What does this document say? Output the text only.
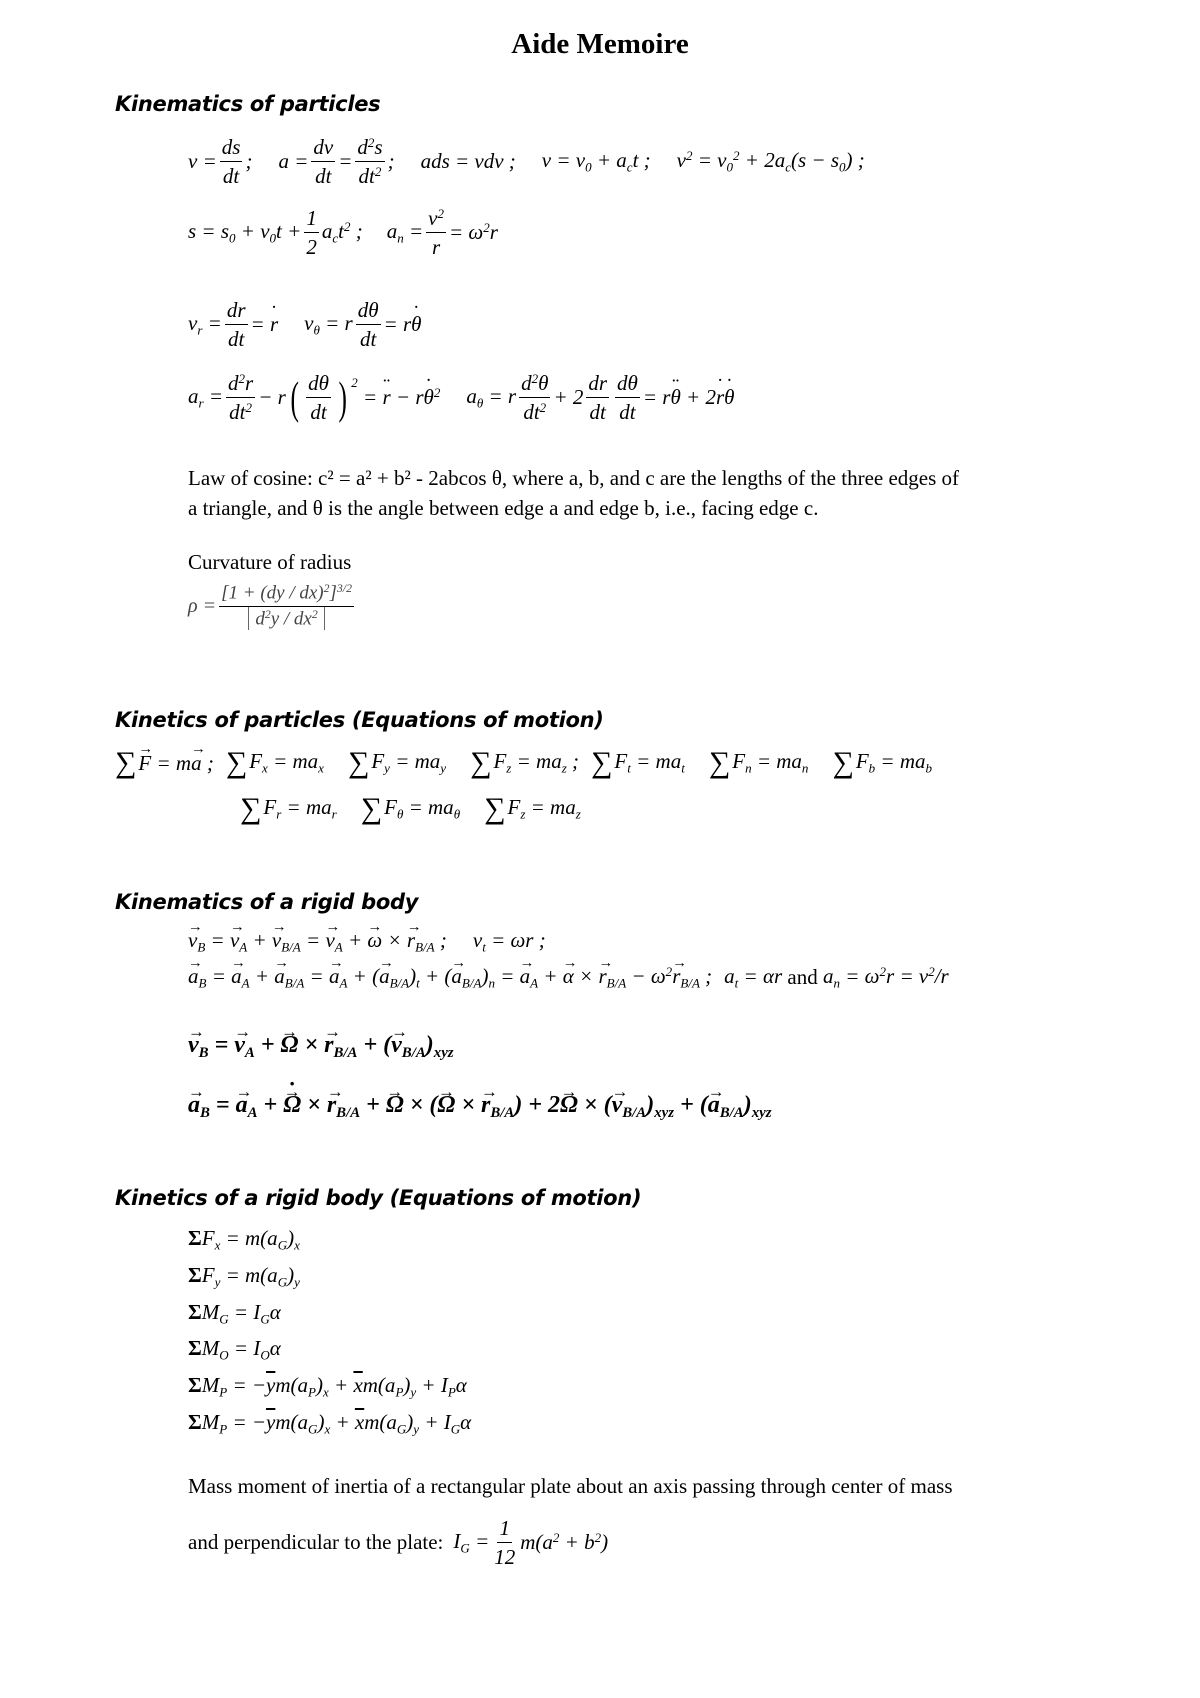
Aide Memoire
Kinematics of particles
$v = \frac{ds}{dt}$ ; $a = \frac{dv}{dt} = \frac{d^2s}{dt^2}$ ; ads = vdv ; $v = v_0 + a_ct$ ; $v^2 = v_0^2 + 2a_c(s - s_0)$ ;
$s = s_0 + v_0t + \frac{1}{2} a_ct^2$ ; $a_n = \frac{v^2}{r} = \omega^2r$
$v_r = \frac{dr}{dt}$ = ˙ r $v_\theta = r \frac{d\theta}{dt}$ = r˙ θ
$a_r = \frac{d^2r}{dt^2} - r$ ( $\frac{d\theta}{dt}$ ) 2
= ¨ r − r˙ $\theta^2$ $a_\theta = r \frac{d^2\theta}{dt^2} + 2 \frac{dr}{dt} \frac{d\theta}{dt}$ = r¨ θ + 2˙ r˙ θ
Law of cosine: c² = a² + b² - 2abcos θ, where a, b, and c are the lengths of the three edges of
a triangle, and θ is the angle between edge a and edge b, i.e., facing edge c.
Curvature of radius
$\rho = \frac{[1 + (dy / dx)^2]^{3/2}}{d^2y / dx^2}$
Kinetics of particles (Equations of motion)
∑ → F = m→ a ; ∑ $F_x = ma_x$ ∑ $F_y = ma_y$ ∑ $F_z = ma_z$ ; ∑ $F_t = ma_t$ ∑ $F_n = ma_n$ ∑ $F_b = ma_b$
∑ $F_r = ma_r$ ∑ $F_\theta = ma_\theta$ ∑ $F_z = ma_z$
Kinematics of a rigid body
→ $v_B$ = → $v_A$ + → $v_{B/A}$ = → $v_A$ + → ω × → $r_{B/A}$ ; $v_t = \omega r$ ;
→ $a_B$ = → $a_A$ + → $a_{B/A}$ = → $a_A$ + (→ $a_{B/A})_t$ + (→ $a_{B/A})_n$ = → $a_A$ + → α × → $r_{B/A} - \omega^2\to r_{B/A}$ ; $a_t = \alpha r$ and $a_n = \omega^2r = v^2/r$
→ $v_B$ = → $v_A$ + → Ω × → $r_{B/A}$ + (→ $v_{B/A})_{xyz}$
→ $a_B$ = → $a_A$ + → ˙ Ω × → $r_{B/A}$ + → Ω × (→ Ω × → $r_{B/A}) + 2\to \Omega$ × (→ $v_{B/A})_{xyz}$ + (→ $a_{B/A})_{xyz}$
Kinetics of a rigid body (Equations of motion)
$\Sigma F_x = m(a_G)_x$
$\Sigma F_y = m(a_G)_y$
$\Sigma M_G = I_G\alpha$
$\Sigma M_O = I_O\alpha$
$\Sigma M_P = -\overline{y}m(a_P)_x + \overline{x}m(a_P)_y + I_P\alpha$
$\Sigma M_P = -\overline{y}m(a_G)_x + \overline{x}m(a_G)_y + I_G\alpha$
Mass moment of inertia of a rectangular plate about an axis passing through center of mass
and perpendicular to the plate: $I_G = \frac{1}{12} m(a^2 + b^2)$
